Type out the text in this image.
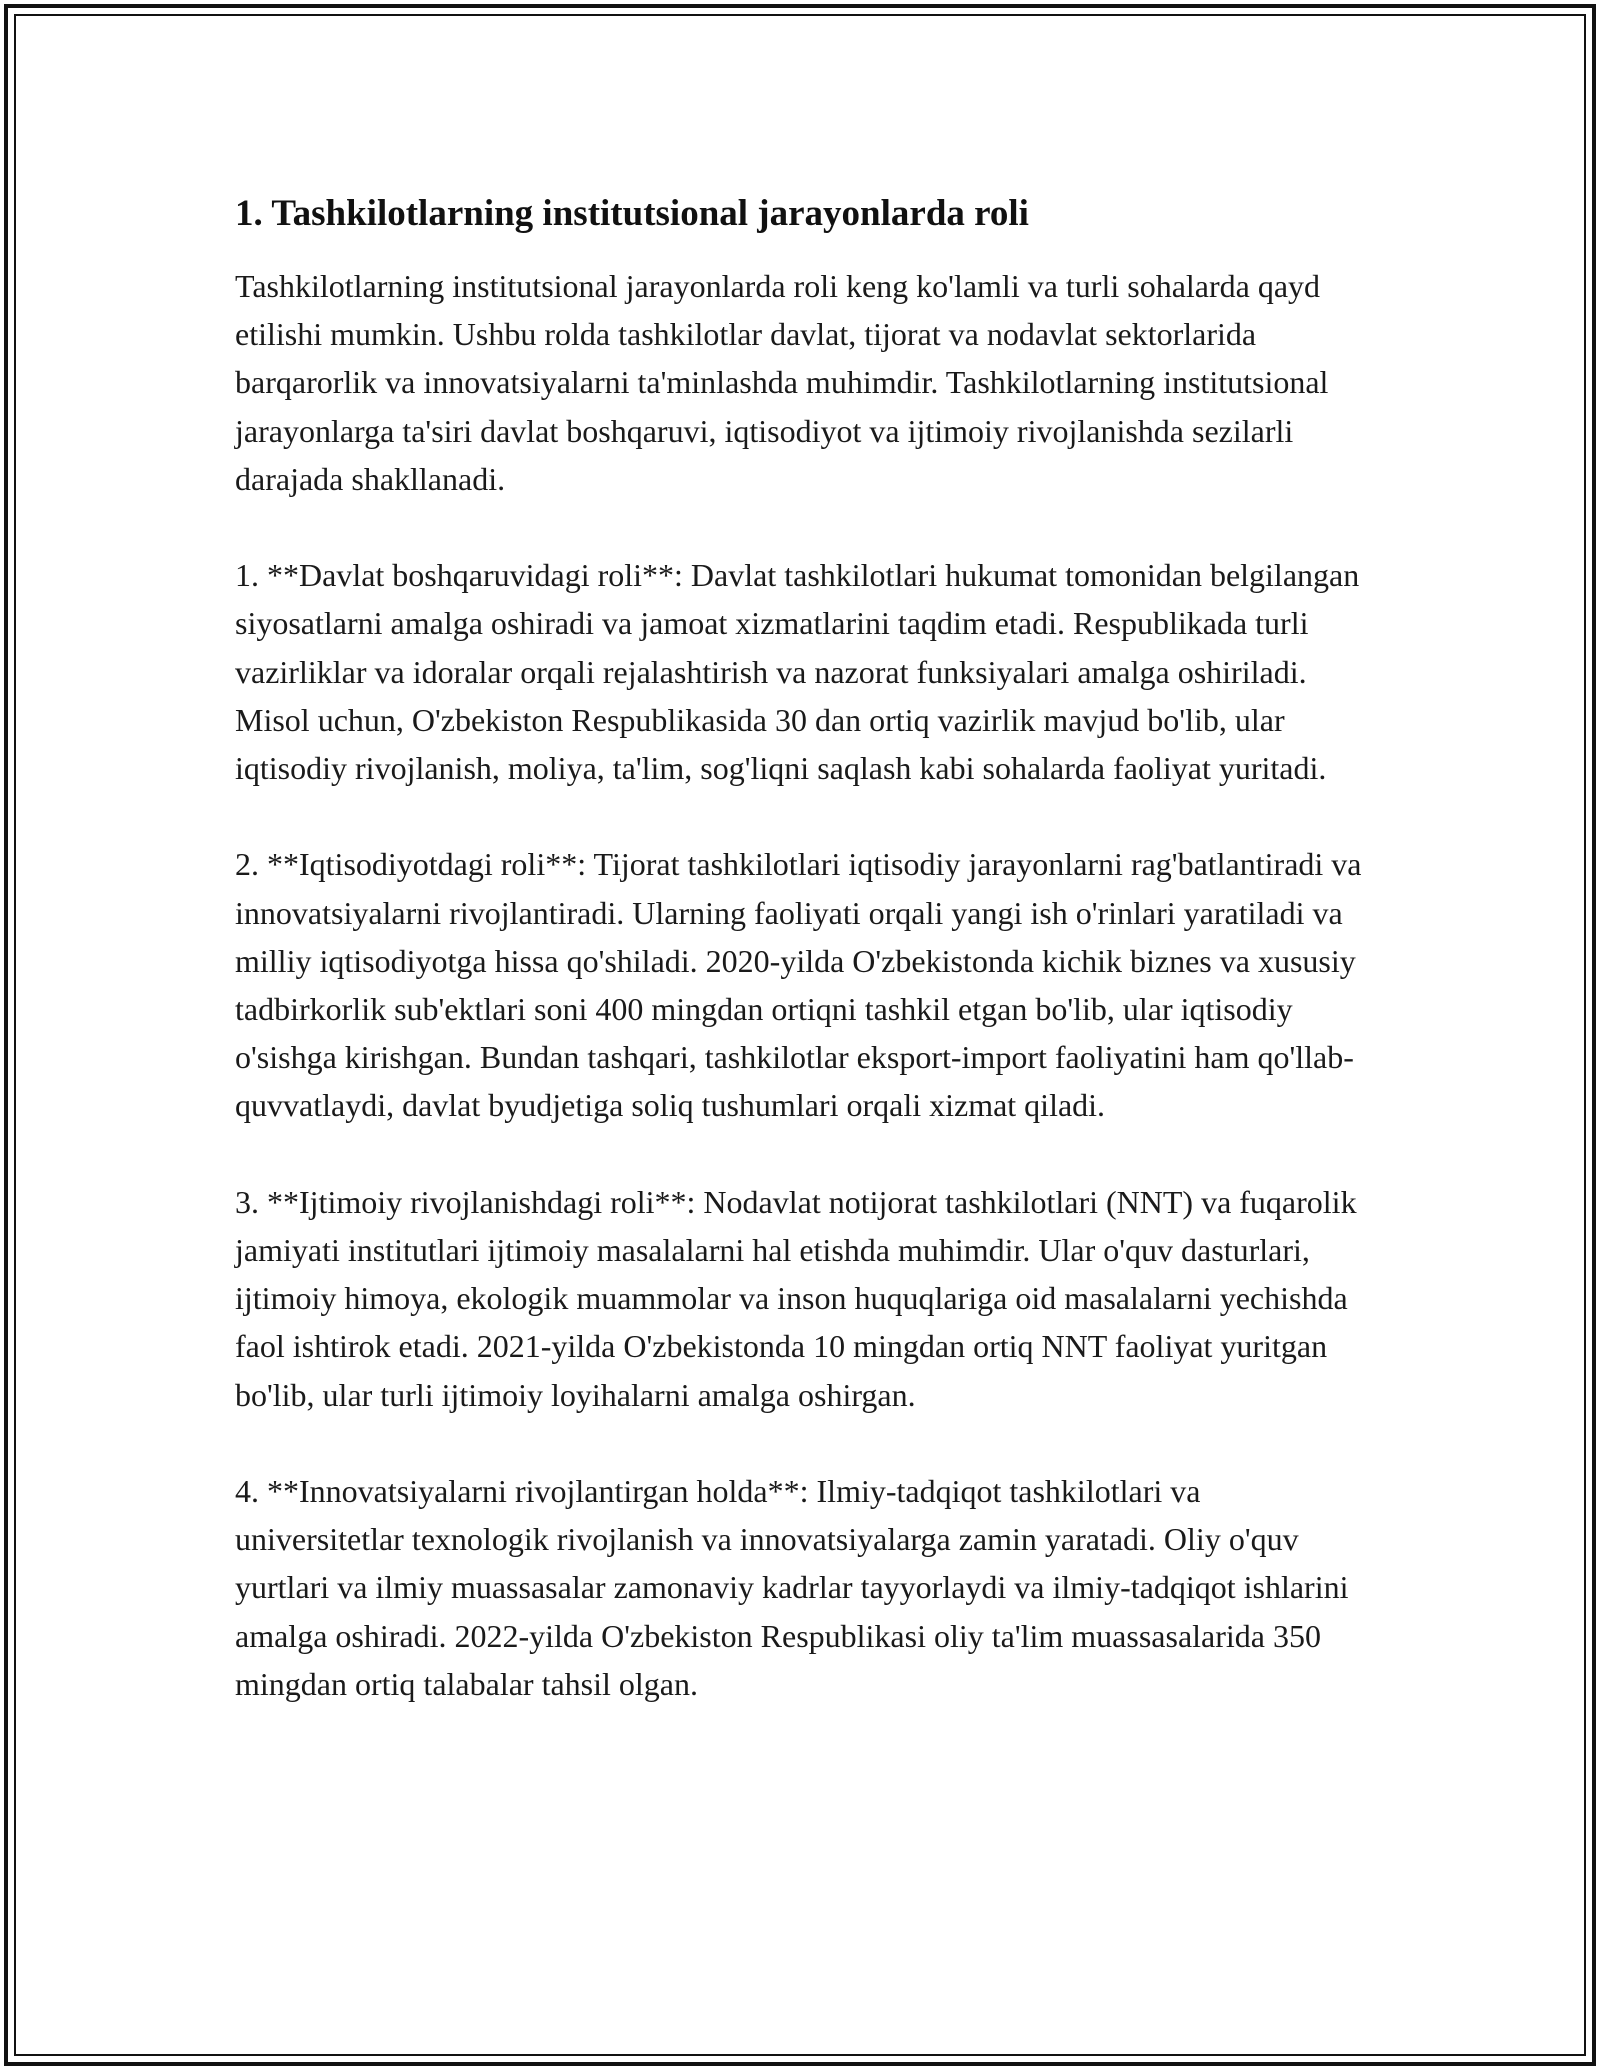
1. Tashkilotlarning institutsional jarayonlarda roli

Tashkilotlarning institutsional jarayonlarda roli keng ko'lamli va turli sohalarda qayd etilishi mumkin. Ushbu rolda tashkilotlar davlat, tijorat va nodavlat sektorlarida barqarorlik va innovatsiyalarni ta'minlashda muhimdir. Tashkilotlarning institutsional jarayonlarga ta'siri davlat boshqaruvi, iqtisodiyot va ijtimoiy rivojlanishda sezilarli darajada shakllanadi.

1. **Davlat boshqaruvidagi roli**: Davlat tashkilotlari hukumat tomonidan belgilangan siyosatlarni amalga oshiradi va jamoat xizmatlarini taqdim etadi. Respublikada turli vazirliklar va idoralar orqali rejalashtirish va nazorat funksiyalari amalga oshiriladi. Misol uchun, O'zbekiston Respublikasida 30 dan ortiq vazirlik mavjud bo'lib, ular iqtisodiy rivojlanish, moliya, ta'lim, sog'liqni saqlash kabi sohalarda faoliyat yuritadi.

2. **Iqtisodiyotdagi roli**: Tijorat tashkilotlari iqtisodiy jarayonlarni rag'batlantiradi va innovatsiyalarni rivojlantiradi. Ularning faoliyati orqali yangi ish o'rinlari yaratiladi va milliy iqtisodiyotga hissa qo'shiladi. 2020-yilda O'zbekistonda kichik biznes va xususiy tadbirkorlik sub'ektlari soni 400 mingdan ortiqni tashkil etgan bo'lib, ular iqtisodiy o'sishga kirishgan. Bundan tashqari, tashkilotlar eksport-import faoliyatini ham qo'llab-quvvatlaydi, davlat byudjetiga soliq tushumlari orqali xizmat qiladi.

3. **Ijtimoiy rivojlanishdagi roli**: Nodavlat notijorat tashkilotlari (NNT) va fuqarolik jamiyati institutlari ijtimoiy masalalarni hal etishda muhimdir. Ular o'quv dasturlari, ijtimoiy himoya, ekologik muammolar va inson huquqlariga oid masalalarni yechishda faol ishtirok etadi. 2021-yilda O'zbekistonda 10 mingdan ortiq NNT faoliyat yuritgan bo'lib, ular turli ijtimoiy loyihalarni amalga oshirgan.

4. **Innovatsiyalarni rivojlantirgan holda**: Ilmiy-tadqiqot tashkilotlari va universitetlar texnologik rivojlanish va innovatsiyalarga zamin yaratadi. Oliy o'quv yurtlari va ilmiy muassasalar zamonaviy kadrlar tayyorlaydi va ilmiy-tadqiqot ishlarini amalga oshiradi. 2022-yilda O'zbekiston Respublikasi oliy ta'lim muassasalarida 350 mingdan ortiq talabalar tahsil olgan.
